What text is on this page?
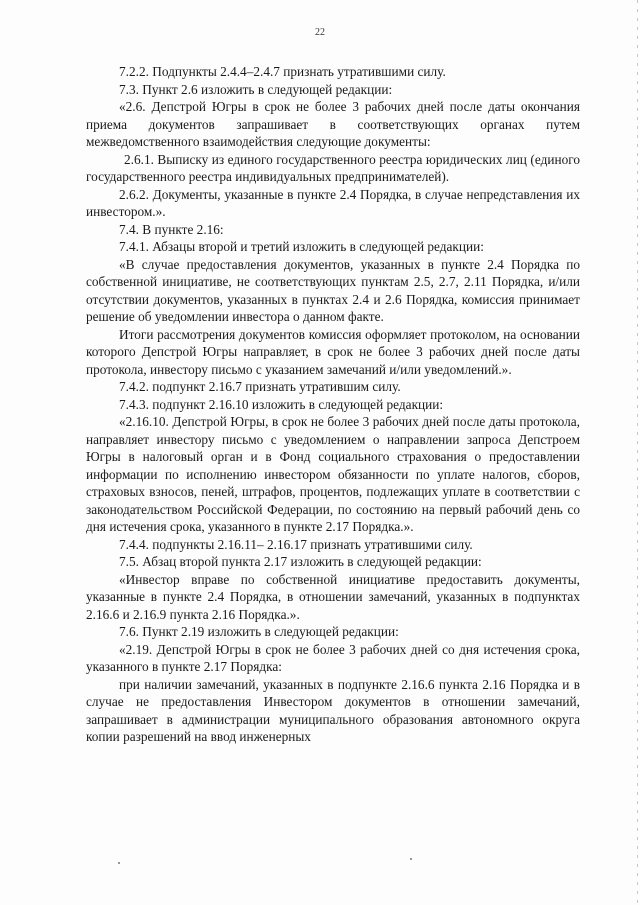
22

7.2.2. Подпункты 2.4.4–2.4.7 признать утратившими силу.

7.3. Пункт 2.6 изложить в следующей редакции:

«2.6. Депстрой Югры в срок не более 3 рабочих дней после даты окончания приема документов запрашивает в соответствующих органах путем межведомственного взаимодействия следующие документы:

2.6.1. Выписку из единого государственного реестра юридических лиц (единого государственного реестра индивидуальных предпринимателей).

2.6.2. Документы, указанные в пункте 2.4 Порядка, в случае непредставления их инвестором.».

7.4. В пункте 2.16:

7.4.1. Абзацы второй и третий изложить в следующей редакции:

«В случае предоставления документов, указанных в пункте 2.4 Порядка по собственной инициативе, не соответствующих пунктам 2.5, 2.7, 2.11 Порядка, и/или отсутствии документов, указанных в пунктах 2.4 и 2.6 Порядка, комиссия принимает решение об уведомлении инвестора о данном факте.

Итоги рассмотрения документов комиссия оформляет протоколом, на основании которого Депстрой Югры направляет, в срок не более 3 рабочих дней после даты протокола, инвестору письмо с указанием замечаний и/или уведомлений.».

7.4.2. подпункт 2.16.7 признать утратившим силу.

7.4.3. подпункт 2.16.10 изложить в следующей редакции:

«2.16.10. Депстрой Югры, в срок не более 3 рабочих дней после даты протокола, направляет инвестору письмо с уведомлением о направлении запроса Депстроем Югры в налоговый орган и в Фонд социального страхования о предоставлении информации по исполнению инвестором обязанности по уплате налогов, сборов, страховых взносов, пеней, штрафов, процентов, подлежащих уплате в соответствии с законодательством Российской Федерации, по состоянию на первый рабочий день со дня истечения срока, указанного в пункте 2.17 Порядка.».

7.4.4. подпункты 2.16.11– 2.16.17 признать утратившими силу.

7.5. Абзац второй пункта 2.17 изложить в следующей редакции:

«Инвестор вправе по собственной инициативе предоставить документы, указанные в пункте 2.4 Порядка, в отношении замечаний, указанных в подпунктах 2.16.6 и 2.16.9 пункта 2.16 Порядка.».

7.6. Пункт 2.19 изложить в следующей редакции:

«2.19. Депстрой Югры в срок не более 3 рабочих дней со дня истечения срока, указанного в пункте 2.17 Порядка:

при наличии замечаний, указанных в подпункте 2.16.6 пункта 2.16 Порядка и в случае не предоставления Инвестором документов в отношении замечаний, запрашивает в администрации муниципального образования автономного округа копии разрешений на ввод инженерных
